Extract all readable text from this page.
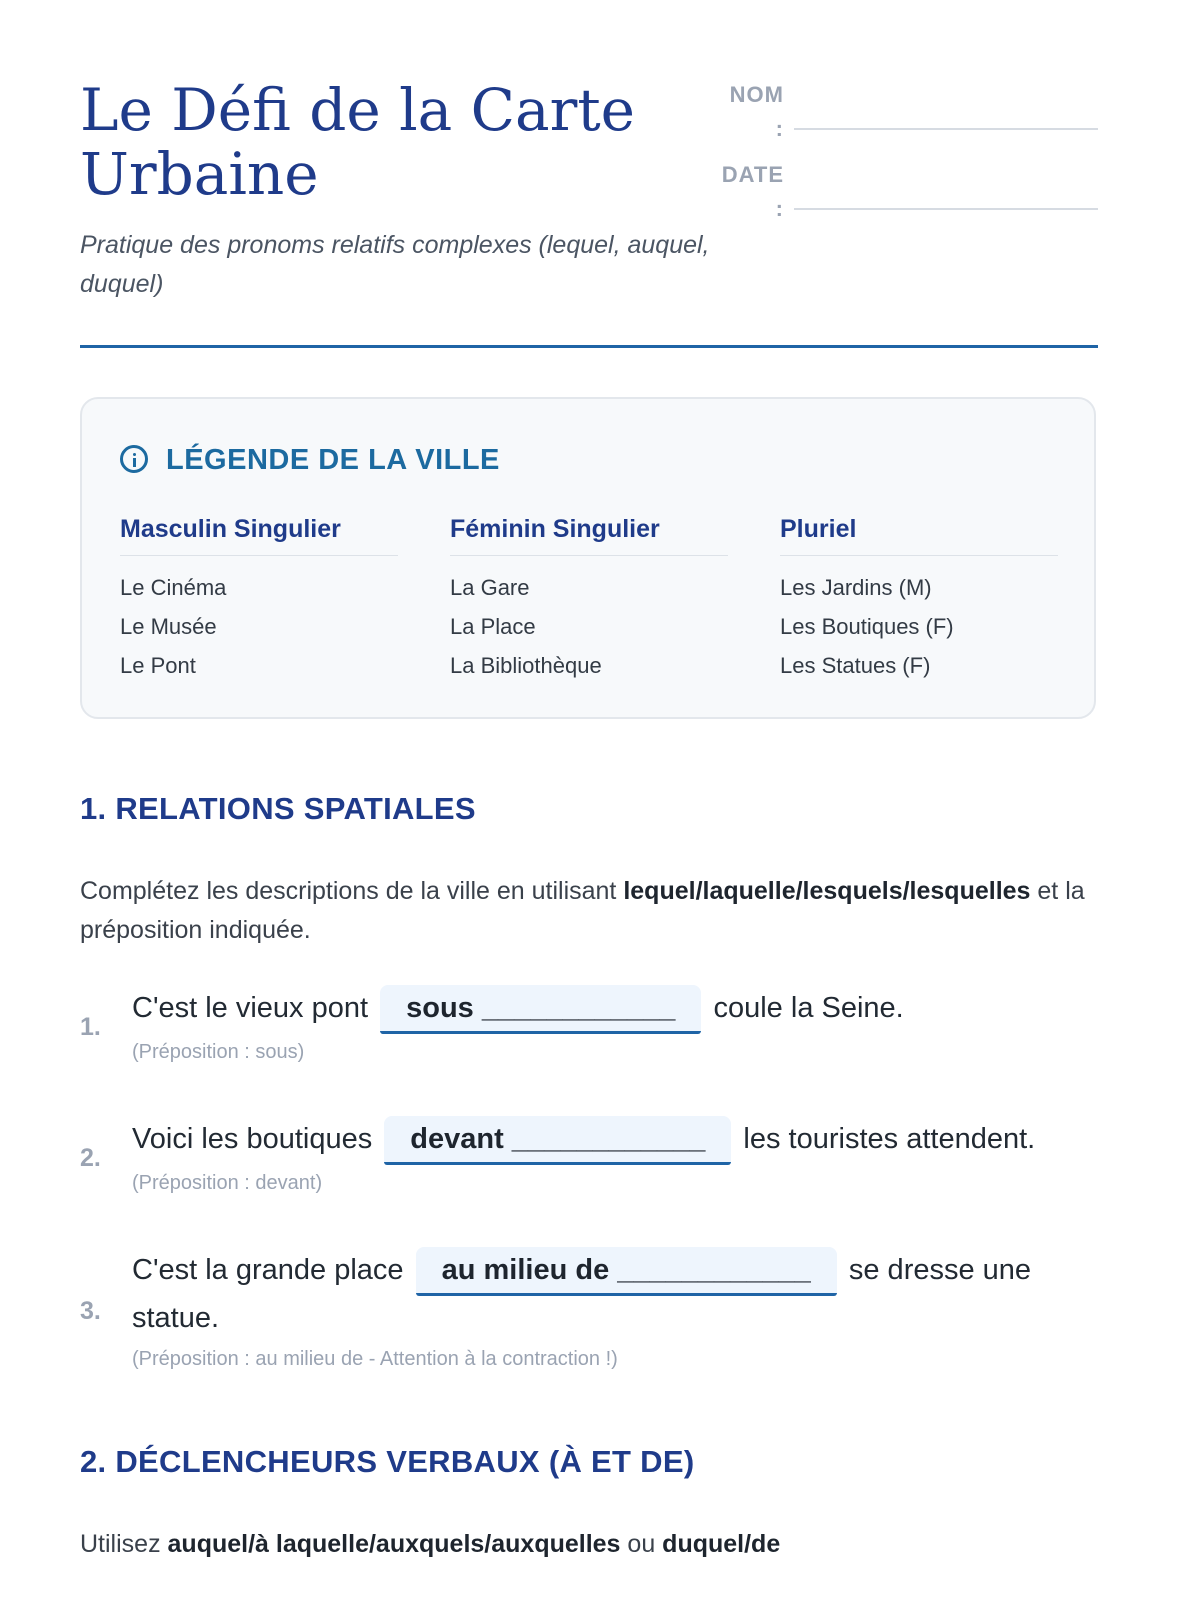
Le Défi de la Carte Urbaine
Pratique des pronoms relatifs complexes (lequel, auquel, duquel)
NOM :
DATE :
LÉGENDE DE LA VILLE
Masculin Singulier
Le Cinéma
Le Musée
Le Pont
Féminin Singulier
La Gare
La Place
La Bibliothèque
Pluriel
Les Jardins (M)
Les Boutiques (F)
Les Statues (F)
1. RELATIONS SPATIALES
Complétez les descriptions de la ville en utilisant lequel/laquelle/lesquels/lesquelles et la préposition indiquée.
1.
C'est le vieux pont sous ____________ coule la Seine.
(Préposition : sous)
2.
Voici les boutiques devant ____________ les touristes attendent.
(Préposition : devant)
3.
C'est la grande place au milieu de ____________ se dresse une statue.
(Préposition : au milieu de - Attention à la contraction !)
2. DÉCLENCHEURS VERBAUX (À ET DE)
Utilisez auquel/à laquelle/auxquels/auxquelles ou duquel/de
